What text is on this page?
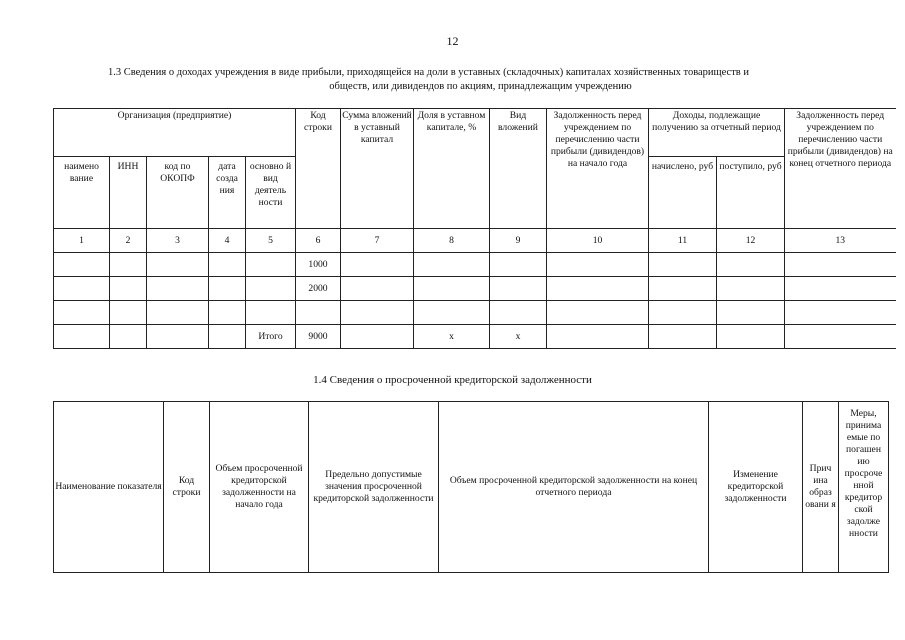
12
1.3 Сведения о доходах учреждения в виде прибыли, приходящейся на доли в уставных (складочных) капиталах хозяйственных товариществ и
обществ, или дивидендов по акциям, принадлежащим учреждению
Организация (предприятие)					Код строки	Сумма вложений в уставный капитал	Доля в уставном капитале, %	Вид вложений	Задолженность перед учреждением по перечислению части прибыли (дивидендов) на начало года	Доходы, подлежащие получению за отчетный период		Задолженность перед учреждением по перечислению части прибыли (дивидендов) на конец отчетного периода
наимено вание	ИНН	код по ОКОПФ	дата созда ния	основно й вид деятель ности						начислено, руб	поступило, руб	
1	2	3	4	5	6	7	8	9	10	11	12	13
					1000							
					2000							

				Итого	9000		x	x				
1.4 Сведения о просроченной кредиторской задолженности
Наименование показателя	Код строки	Объем просроченной кредиторской задолженности на начало года	Предельно допустимые значения просроченной кредиторской задолженности	Объем просроченной кредиторской задолженности на конец отчетного периода	Изменение кредиторской задолженности	Прич ина образ овани я	Меры, принима емые по погашен ию просроче нной кредитор ской задолже нности
